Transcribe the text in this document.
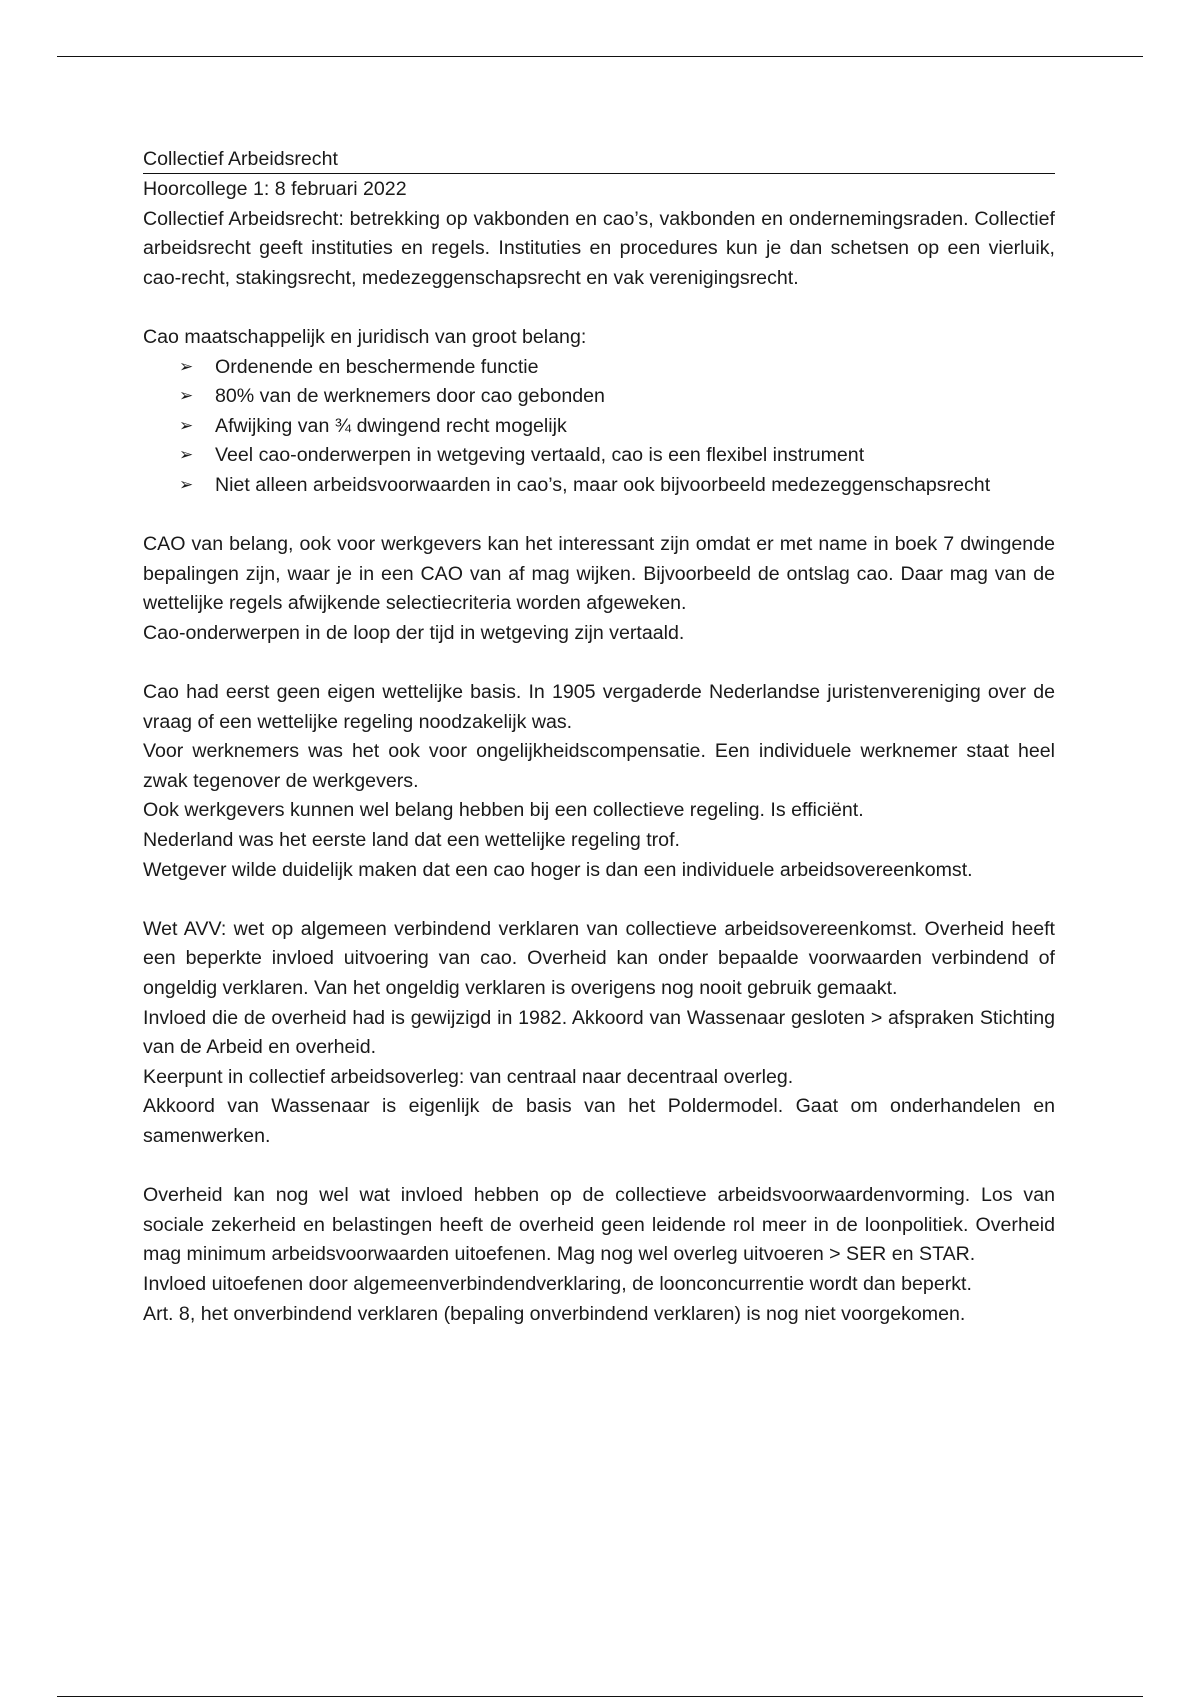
Collectief Arbeidsrecht

Hoorcollege 1: 8 februari 2022

Collectief Arbeidsrecht: betrekking op vakbonden en cao’s, vakbonden en ondernemingsraden. Collectief arbeidsrecht geeft instituties en regels. Instituties en procedures kun je dan schetsen op een vierluik, cao-recht, stakingsrecht, medezeggenschapsrecht en vak verenigingsrecht.

Cao maatschappelijk en juridisch van groot belang:

➢ Ordenende en beschermende functie
➢ 80% van de werknemers door cao gebonden
➢ Afwijking van ¾ dwingend recht mogelijk
➢ Veel cao-onderwerpen in wetgeving vertaald, cao is een flexibel instrument
➢ Niet alleen arbeidsvoorwaarden in cao’s, maar ook bijvoorbeeld medezeggenschapsrecht

CAO van belang, ook voor werkgevers kan het interessant zijn omdat er met name in boek 7 dwingende bepalingen zijn, waar je in een CAO van af mag wijken. Bijvoorbeeld de ontslag cao. Daar mag van de wettelijke regels afwijkende selectiecriteria worden afgeweken.

Cao-onderwerpen in de loop der tijd in wetgeving zijn vertaald.

Cao had eerst geen eigen wettelijke basis. In 1905 vergaderde Nederlandse juristenvereniging over de vraag of een wettelijke regeling noodzakelijk was.

Voor werknemers was het ook voor ongelijkheidscompensatie. Een individuele werknemer staat heel zwak tegenover de werkgevers.

Ook werkgevers kunnen wel belang hebben bij een collectieve regeling. Is efficiënt.

Nederland was het eerste land dat een wettelijke regeling trof.

Wetgever wilde duidelijk maken dat een cao hoger is dan een individuele arbeidsovereenkomst.

Wet AVV: wet op algemeen verbindend verklaren van collectieve arbeidsovereenkomst. Overheid heeft een beperkte invloed uitvoering van cao. Overheid kan onder bepaalde voorwaarden verbindend of ongeldig verklaren. Van het ongeldig verklaren is overigens nog nooit gebruik gemaakt.

Invloed die de overheid had is gewijzigd in 1982. Akkoord van Wassenaar gesloten > afspraken Stichting van de Arbeid en overheid.

Keerpunt in collectief arbeidsoverleg: van centraal naar decentraal overleg.

Akkoord van Wassenaar is eigenlijk de basis van het Poldermodel. Gaat om onderhandelen en samenwerken.

Overheid kan nog wel wat invloed hebben op de collectieve arbeidsvoorwaardenvorming. Los van sociale zekerheid en belastingen heeft de overheid geen leidende rol meer in de loonpolitiek. Overheid mag minimum arbeidsvoorwaarden uitoefenen. Mag nog wel overleg uitvoeren > SER en STAR.

Invloed uitoefenen door algemeenverbindendverklaring, de loonconcurrentie wordt dan beperkt.

Art. 8, het onverbindend verklaren (bepaling onverbindend verklaren) is nog niet voorgekomen.
